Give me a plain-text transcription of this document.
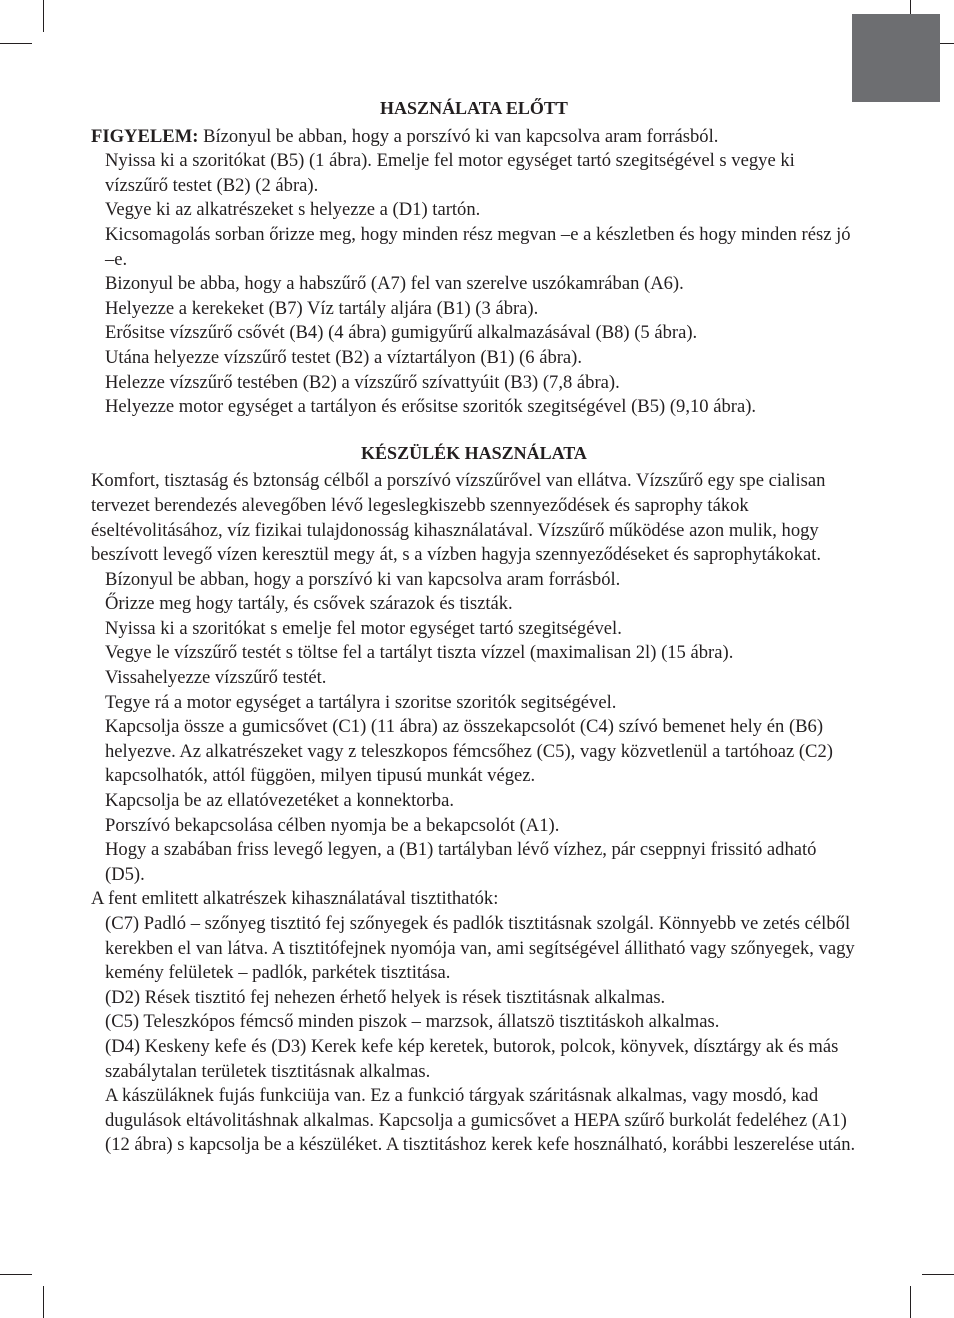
HASZNÁLATA ELŐTT

FIGYELEM: Bízonyul be abban, hogy a porszívó ki van kapcsolva aram forrásból.

Nyissa ki a szoritókat (B5) (1 ábra). Emelje fel motor egységet tartó szegitségével s vegye ki vízszűrő testet (B2) (2 ábra).

Vegye ki az alkatrészeket s helyezze a (D1) tartón.

Kicsomagolás sorban őrizze meg, hogy minden rész megvan –e a készletben és hogy minden rész jó –e.

Bizonyul be abba, hogy a habszűrő (A7) fel van szerelve uszókamrában (A6).

Helyezze a kerekeket (B7) Víz tartály aljára (B1) (3 ábra).

Erősitse vízszűrő csővét (B4) (4 ábra) gumigyűrű alkalmazásával (B8) (5 ábra).

Utána helyezze vízszűrő testet (B2) a víztartályon (B1) (6 ábra).

Helezze vízszűrő testében (B2) a vízszűrő szívattyúit (B3) (7,8 ábra).

Helyezze motor egységet a tartályon és erősitse szoritók szegitségével (B5) (9,10 ábra).

KÉSZÜLÉK HASZNÁLATA

Komfort, tisztaság és bztonság célből a porszívó vízszűrővel van ellátva. Vízszűrő egy spe cialisan tervezet berendezés alevegőben lévő legeslegkiszebb szennyeződések és saprophy tákok éseltévolitásához, víz fizikai tulajdonosság kihasználatával. Vízszűrő működése azon mulik, hogy beszívott levegő vízen keresztül megy át, s a vízben hagyja szennyeződéseket és saprophytákokat.

Bízonyul be abban, hogy a porszívó ki van kapcsolva aram forrásból.

Őrizze meg hogy tartály, és csővek szárazok és tiszták.

Nyissa ki a szoritókat s emelje fel motor egységet tartó szegitségével.

Vegye le vízszűrő testét s töltse fel a tartályt tiszta vízzel (maximalisan 2l) (15 ábra).

Vissahelyezze vízszűrő testét.

Tegye rá a motor egységet a tartályra i szoritse szoritók segitségével.

Kapcsolja össze a gumicsővet (C1) (11 ábra) az összekapcsolót (C4) szívó bemenet hely én (B6) helyezve. Az alkatrészeket vagy z teleszkopos fémcsőhez (C5), vagy közvetlenül a tartóhoaz (C2) kapcsolhatók, attól függöen, milyen tipusú munkát végez.

Kapcsolja be az ellatóvezetéket a konnektorba.

Porszívó bekapcsolása célben nyomja be a bekapcsolót (A1).

Hogy a szabában friss levegő legyen, a (B1) tartályban lévő vízhez, pár cseppnyi frissitó adható (D5).

A fent emlitett alkatrészek kihasználatával tisztithatók:

(C7) Padló – szőnyeg tisztitó fej szőnyegek és padlók tisztitásnak szolgál. Könnyebb ve zetés célből kerekben el van látva. A tisztitófejnek nyomója van, ami segítségével állitható vagy szőnyegek, vagy kemény felületek – padlók, parkétek tisztitása.

(D2) Rések tisztitó fej nehezen érhető helyek is rések tisztitásnak alkalmas.

(C5) Teleszkópos fémcső minden piszok – marzsok, állatszö tisztitáskoh alkalmas.

(D4) Keskeny kefe és (D3) Kerek kefe kép keretek, butorok, polcok, könyvek, dísztárgy ak és más szabálytalan területek tisztitásnak alkalmas.

A kászüláknek fujás funkciüja van. Ez a funkció tárgyak száritásnak alkalmas, vagy mosdó, kad dugulások eltávolitáshnak alkalmas. Kapcsolja a gumicsővet a HEPA szűrő burkolát fedeléhez (A1) (12 ábra) s kapcsolja be a készüléket. A tisztitáshoz kerek kefe hosználható, korábbi leszerelése után.
